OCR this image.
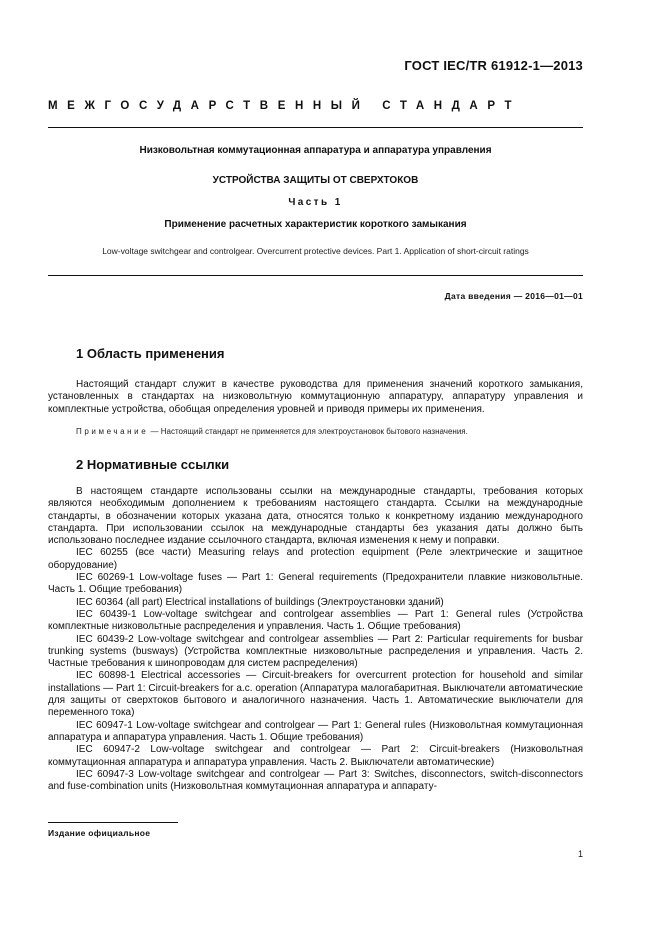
ГОСТ IEC/TR 61912-1—2013
МЕЖГОСУДАРСТВЕННЫЙ СТАНДАРТ
Низковольтная коммутационная аппаратура и аппаратура управления
УСТРОЙСТВА ЗАЩИТЫ ОТ СВЕРХТОКОВ
Часть 1
Применение расчетных характеристик короткого замыкания
Low-voltage switchgear and controlgear. Overcurrent protective devices. Part 1. Application of short-circuit ratings
Дата введения — 2016—01—01
1 Область применения

Настоящий стандарт служит в качестве руководства для применения значений короткого замыкания, установленных в стандартах на низковольтную коммутационную аппаратуру, аппаратуру управления и комплектные устройства, обобщая определения уровней и приводя примеры их применения.

Примечание — Настоящий стандарт не применяется для электроустановок бытового назначения.
2 Нормативные ссылки

В настоящем стандарте использованы ссылки на международные стандарты, требования которых являются необходимым дополнением к требованиям настоящего стандарта. Ссылки на международные стандарты, в обозначении которых указана дата, относятся только к конкретному изданию международного стандарта. При использовании ссылок на международные стандарты без указания даты должно быть использовано последнее издание ссылочного стандарта, включая изменения к нему и поправки.

IEC 60255 (все части) Measuring relays and protection equipment (Реле электрические и защитное оборудование)

IEC 60269-1 Low-voltage fuses — Part 1: General requirements (Предохранители плавкие низковольтные. Часть 1. Общие требования)

IEC 60364 (all part) Electrical installations of buildings (Электроустановки зданий)

IEC 60439-1 Low-voltage switchgear and controlgear assemblies — Part 1: General rules (Устройства комплектные низковольтные распределения и управления. Часть 1. Общие требования)

IEC 60439-2 Low-voltage switchgear and controlgear assemblies — Part 2: Particular requirements for busbar trunking systems (busways) (Устройства комплектные низковольтные распределения и управления. Часть 2. Частные требования к шинопроводам для систем распределения)

IEC 60898-1 Electrical accessories — Circuit-breakers for overcurrent protection for household and similar installations — Part 1: Circuit-breakers for a.c. operation (Аппаратура малогабаритная. Выключатели автоматические для защиты от сверхтоков бытового и аналогичного назначения. Часть 1. Автоматические выключатели для переменного тока)

IEC 60947-1 Low-voltage switchgear and controlgear — Part 1: General rules (Низковольтная коммутационная аппаратура и аппаратура управления. Часть 1. Общие требования)

IEC 60947-2 Low-voltage switchgear and controlgear — Part 2: Circuit-breakers (Низковольтная коммутационная аппаратура и аппаратура управления. Часть 2. Выключатели автоматические)

IEC 60947-3 Low-voltage switchgear and controlgear — Part 3: Switches, disconnectors, switch-disconnectors and fuse-combination units (Низковольтная коммутационная аппаратура и аппарату-

Издание официальное
1
